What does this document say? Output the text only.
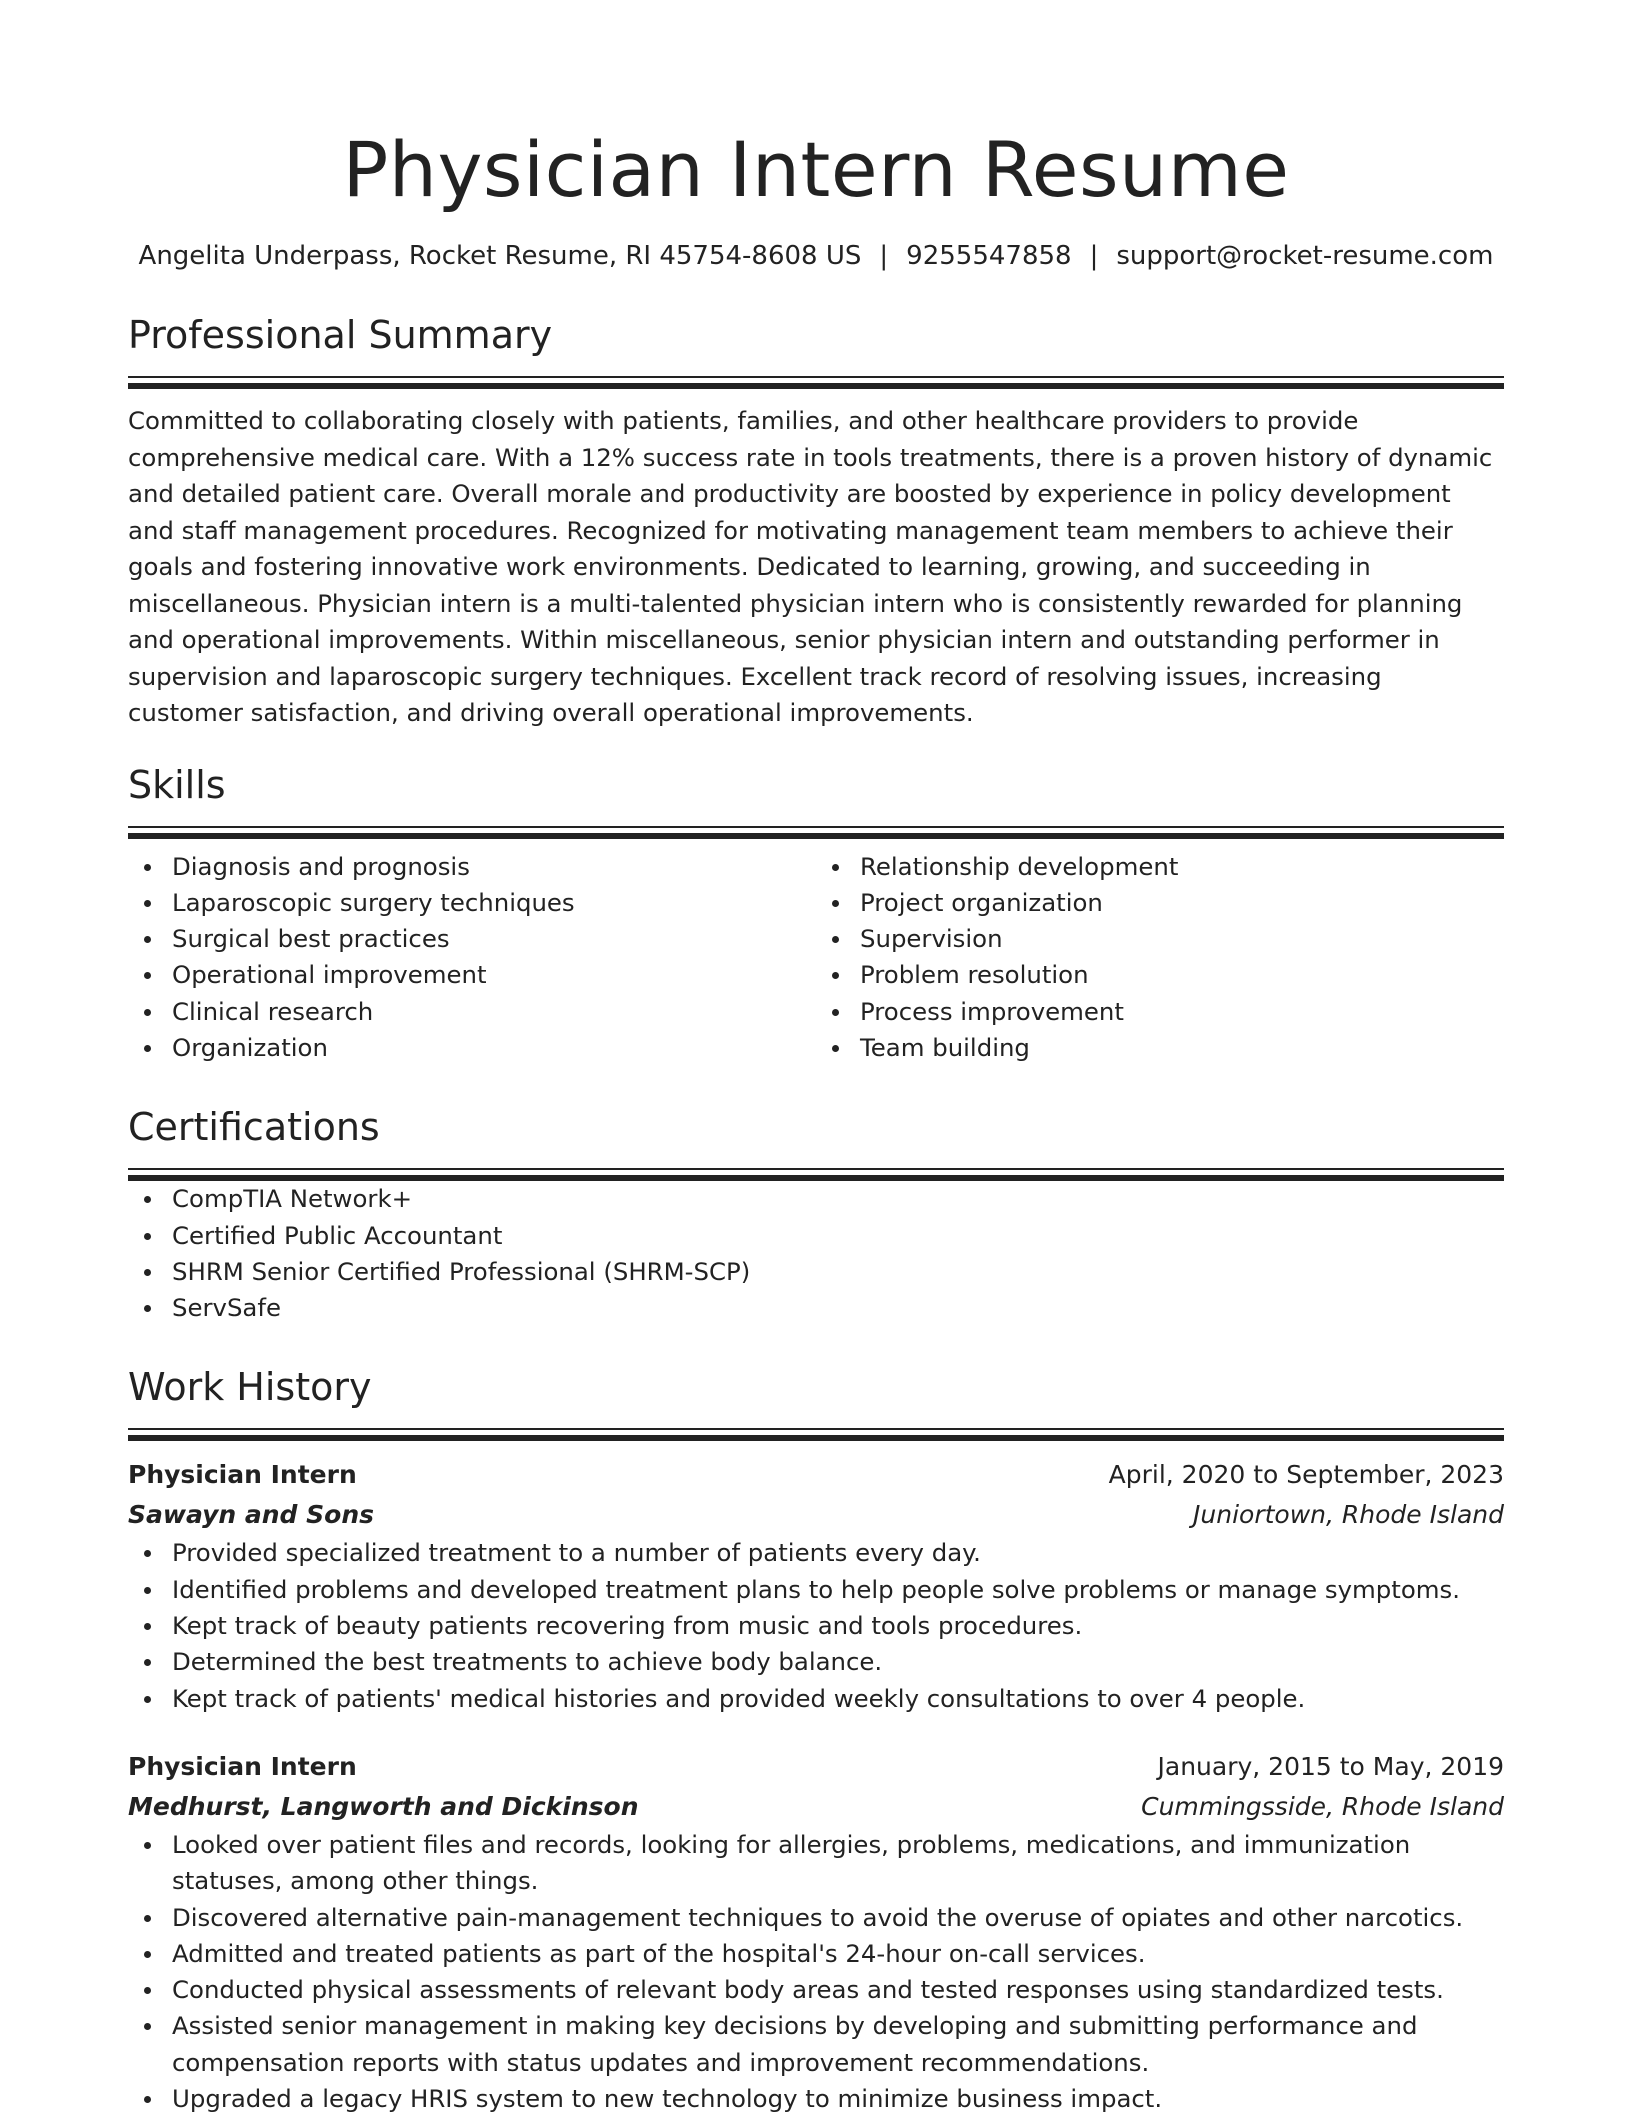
Physician Intern Resume
Angelita Underpass, Rocket Resume, RI 45754-8608 US | 9255547858 | support@rocket-resume.com
Professional Summary

Committed to collaborating closely with patients, families, and other healthcare providers to provide comprehensive medical care. With a 12% success rate in tools treatments, there is a proven history of dynamic and detailed patient care. Overall morale and productivity are boosted by experience in policy development and staff management procedures. Recognized for motivating management team members to achieve their goals and fostering innovative work environments. Dedicated to learning, growing, and succeeding in miscellaneous. Physician intern is a multi-talented physician intern who is consistently rewarded for planning and operational improvements. Within miscellaneous, senior physician intern and outstanding performer in supervision and laparoscopic surgery techniques. Excellent track record of resolving issues, increasing customer satisfaction, and driving overall operational improvements.

Skills
Diagnosis and prognosis
Laparoscopic surgery techniques
Surgical best practices
Operational improvement
Clinical research
Organization
Relationship development
Project organization
Supervision
Problem resolution
Process improvement
Team building
Certifications
CompTIA Network+
Certified Public Accountant
SHRM Senior Certified Professional (SHRM-SCP)
ServSafe
Work History
Physician Intern	April, 2020 to September, 2023
Sawayn and Sons	Juniortown, Rhode Island
Provided specialized treatment to a number of patients every day.
Identified problems and developed treatment plans to help people solve problems or manage symptoms.
Kept track of beauty patients recovering from music and tools procedures.
Determined the best treatments to achieve body balance.
Kept track of patients' medical histories and provided weekly consultations to over 4 people.
Physician Intern	January, 2015 to May, 2019
Medhurst, Langworth and Dickinson	Cummingsside, Rhode Island
Looked over patient files and records, looking for allergies, problems, medications, and immunization statuses, among other things.
Discovered alternative pain-management techniques to avoid the overuse of opiates and other narcotics.
Admitted and treated patients as part of the hospital's 24-hour on-call services.
Conducted physical assessments of relevant body areas and tested responses using standardized tests.
Assisted senior management in making key decisions by developing and submitting performance and compensation reports with status updates and improvement recommendations.
Upgraded a legacy HRIS system to new technology to minimize business impact.
